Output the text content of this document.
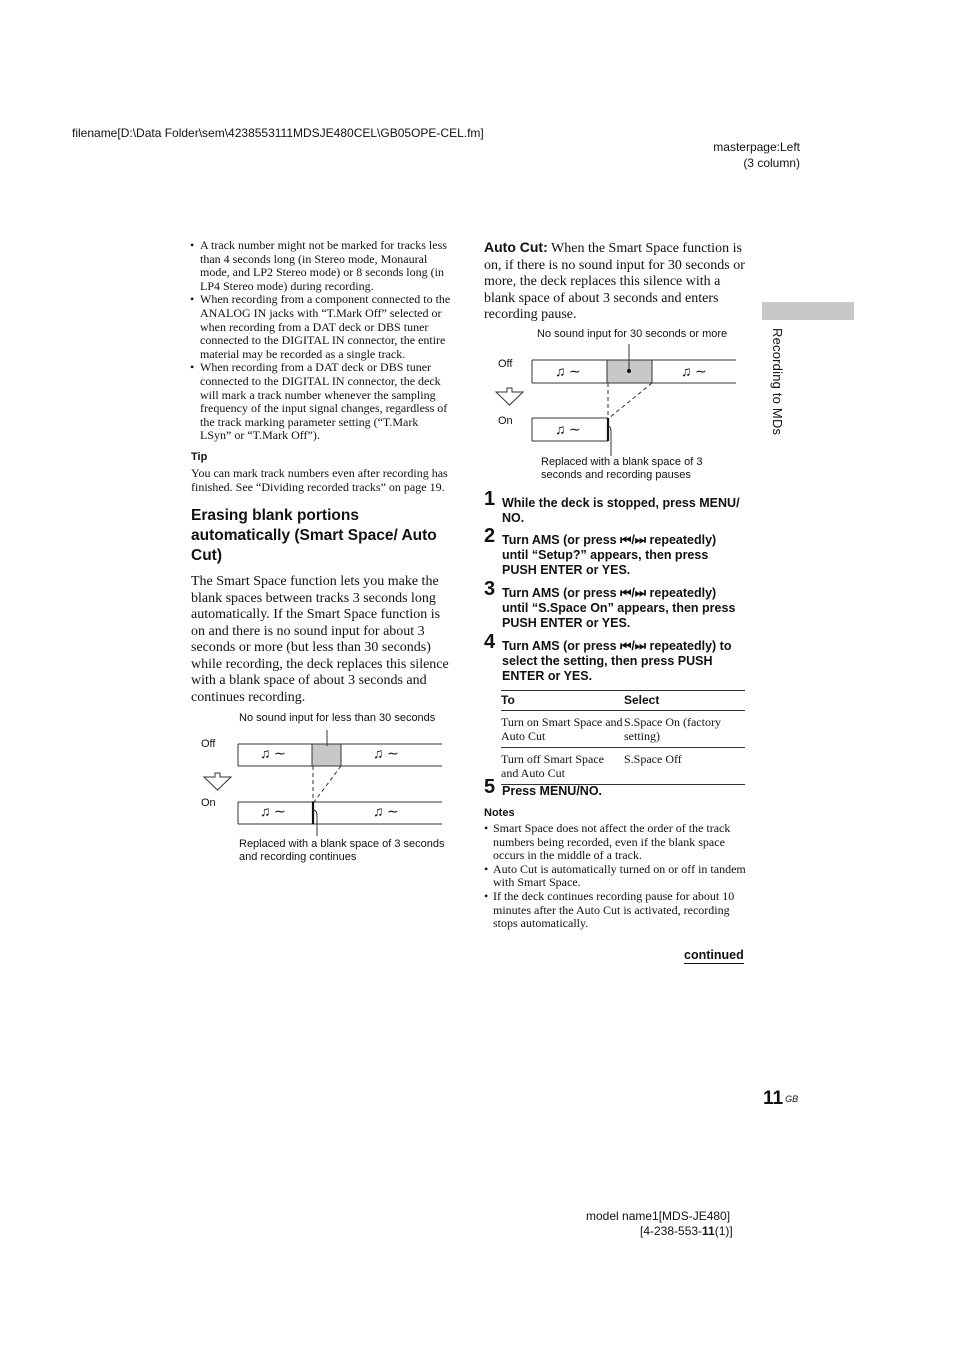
filename[D:\Data Folder\sem\4238553111MDSJE480CEL\GB05OPE-CEL.fm]
masterpage:Left
(3 column)
Recording to MDs
• A track number might not be marked for tracks less than 4 seconds long (in Stereo mode, Monaural mode, and LP2 Stereo mode) or 8 seconds long (in LP4 Stereo mode) during recording.
• When recording from a component connected to the ANALOG IN jacks with “T.Mark Off” selected or when recording from a DAT deck or DBS tuner connected to the DIGITAL IN connector, the entire material may be recorded as a single track.
• When recording from a DAT deck or DBS tuner connected to the DIGITAL IN connector, the deck will mark a track number whenever the sampling frequency of the input signal changes, regardless of the track marking parameter setting (“T.Mark LSyn” or “T.Mark Off”).
Tip
You can mark track numbers even after recording has finished. See “Dividing recorded tracks” on page 19.
Erasing blank portions automatically (Smart Space/ Auto Cut)
The Smart Space function lets you make the blank spaces between tracks 3 seconds long automatically. If the Smart Space function is on and there is no sound input for about 3 seconds or more (but less than 30 seconds) while recording, the deck replaces this silence with a blank space of about 3 seconds and continues recording.
No sound input for less than 30 seconds
Off
On
♫ ∼	♫ ∼
♫ ∼	♫ ∼
Replaced with a blank space of 3 seconds
and recording continues
Auto Cut: When the Smart Space function is on, if there is no sound input for 30 seconds or more, the deck replaces this silence with a blank space of about 3 seconds and enters recording pause.
No sound input for 30 seconds or more
Off
On
♫ ∼	♫ ∼
♫ ∼
Replaced with a blank space of 3
seconds and recording pauses
1 While the deck is stopped, press MENU/ NO.
2 Turn AMS (or press ⏮/⏭ repeatedly) until “Setup?” appears, then press PUSH ENTER or YES.
3 Turn AMS (or press ⏮/⏭ repeatedly) until “S.Space On” appears, then press PUSH ENTER or YES.
4 Turn AMS (or press ⏮/⏭ repeatedly) to select the setting, then press PUSH ENTER or YES.
To	Select
Turn on Smart Space and Auto Cut	S.Space On (factory setting)
Turn off Smart Space and Auto Cut	S.Space Off
5 Press MENU/NO.
Notes
• Smart Space does not affect the order of the track numbers being recorded, even if the blank space occurs in the middle of a track.
• Auto Cut is automatically turned on or off in tandem with Smart Space.
• If the deck continues recording pause for about 10 minutes after the Auto Cut is activated, recording stops automatically.
continued
11 $_{GB}$
model name1[MDS-JE480]
[4-238-553-11(1)]
